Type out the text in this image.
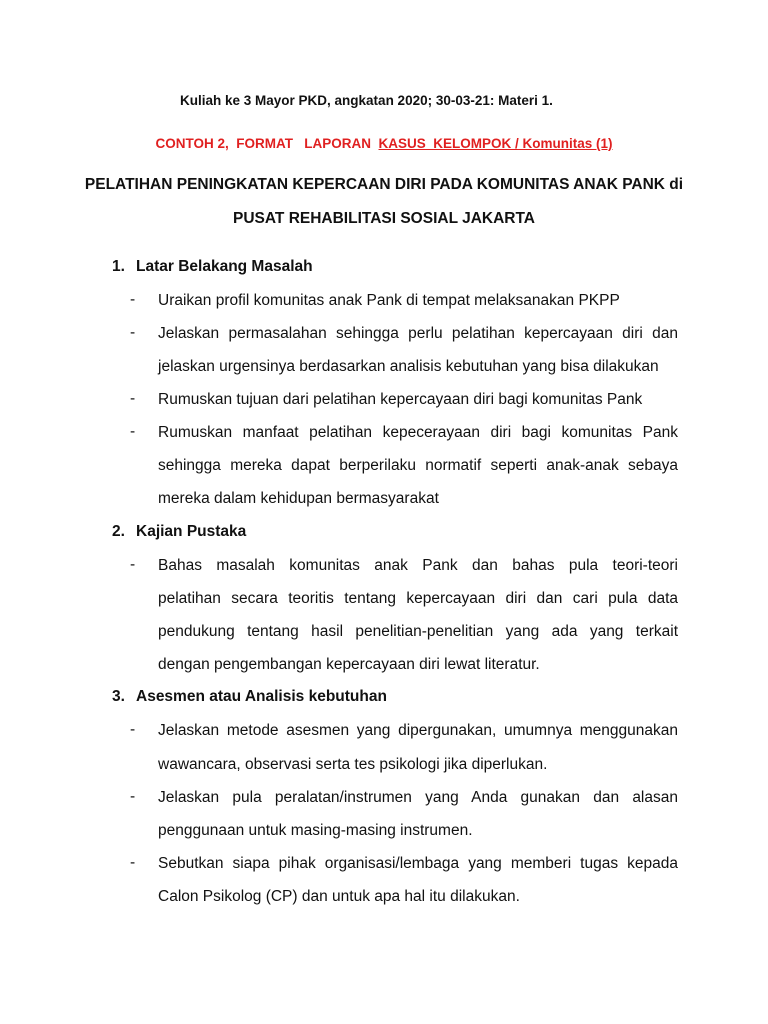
Kuliah ke 3 Mayor PKD, angkatan 2020; 30-03-21: Materi 1.
CONTOH 2,  FORMAT   LAPORAN  KASUS  KELOMPOK / Komunitas (1)
PELATIHAN PENINGKATAN KEPERCAAN DIRI PADA KOMUNITAS ANAK PANK di
PUSAT REHABILITASI SOSIAL JAKARTA
1. Latar Belakang Masalah
- Uraikan profil komunitas anak Pank di tempat melaksanakan PKPP
- Jelaskan permasalahan sehingga perlu pelatihan kepercayaan diri dan
jelaskan urgensinya berdasarkan analisis kebutuhan yang bisa dilakukan
- Rumuskan tujuan dari pelatihan kepercayaan diri bagi komunitas Pank
- Rumuskan manfaat pelatihan kepecerayaan diri bagi komunitas Pank
sehingga mereka dapat berperilaku normatif seperti anak-anak sebaya
mereka dalam kehidupan bermasyarakat
2. Kajian Pustaka
- Bahas masalah komunitas anak Pank dan bahas pula teori-teori
pelatihan secara teoritis tentang kepercayaan diri dan cari pula data
pendukung tentang hasil penelitian-penelitian yang ada yang terkait
dengan pengembangan kepercayaan diri lewat literatur.
3. Asesmen atau Analisis kebutuhan
- Jelaskan metode asesmen yang dipergunakan, umumnya menggunakan
wawancara, observasi serta tes psikologi jika diperlukan.
- Jelaskan pula peralatan/instrumen yang Anda gunakan dan alasan
penggunaan untuk masing-masing instrumen.
- Sebutkan siapa pihak organisasi/lembaga yang memberi tugas kepada
Calon Psikolog (CP) dan untuk apa hal itu dilakukan.
